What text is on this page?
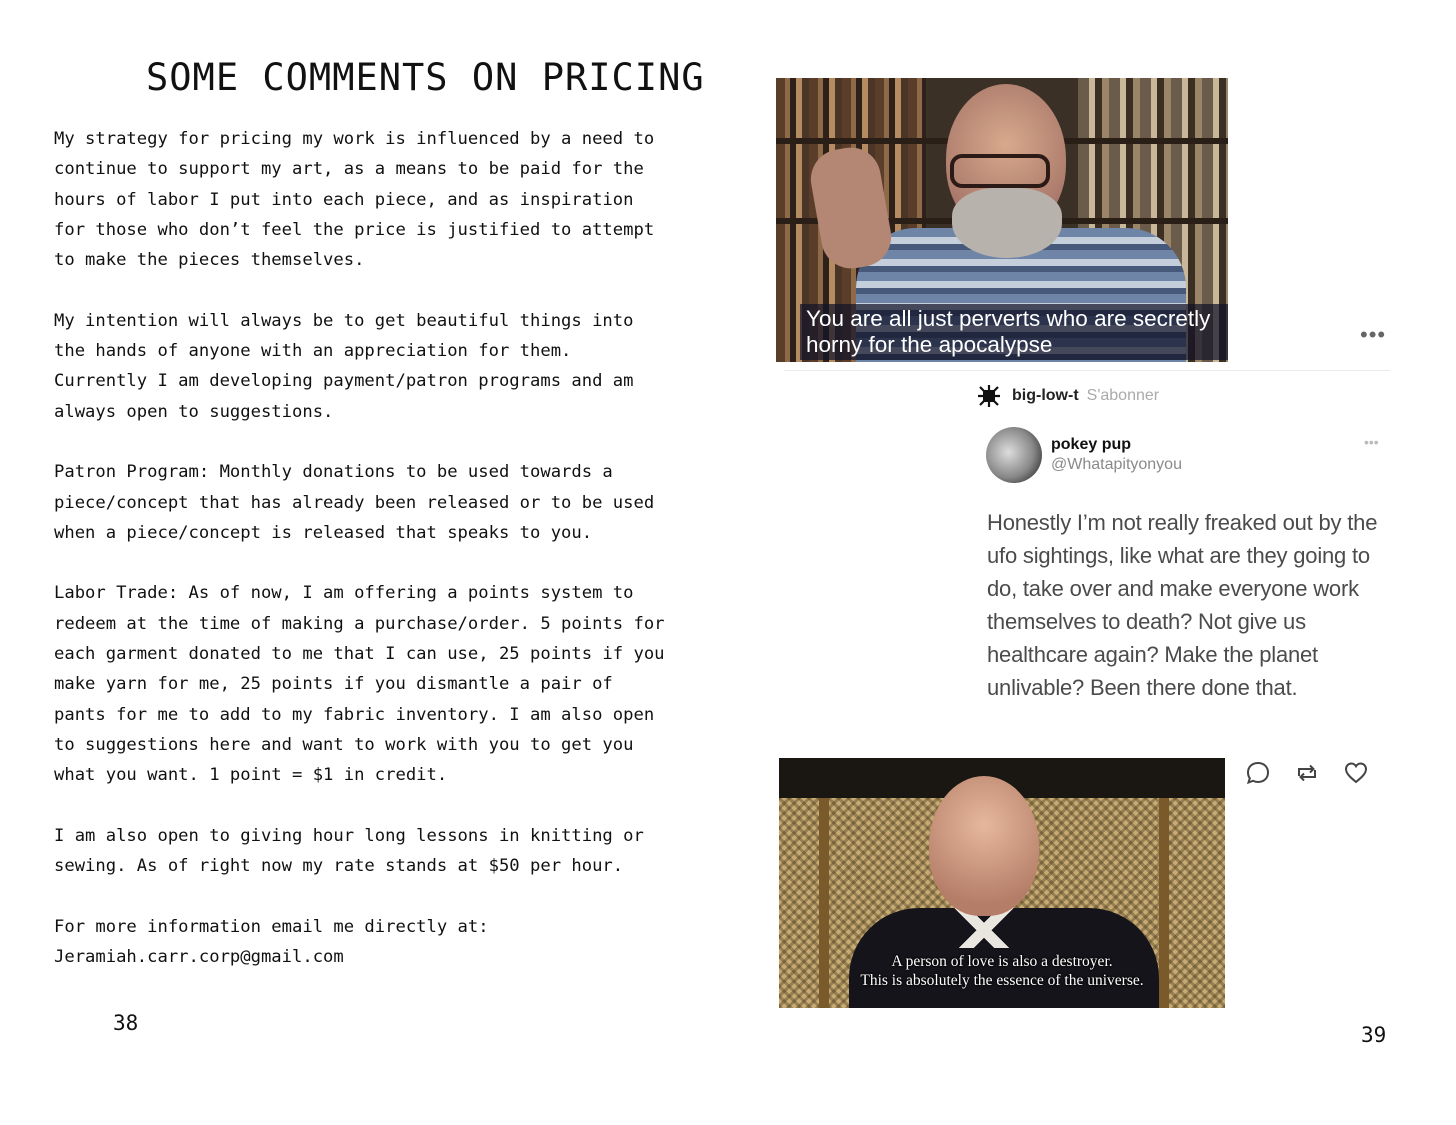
SOME COMMENTS ON PRICING

My strategy for pricing my work is influenced by a need to
continue to support my art, as a means to be paid for the
hours of labor I put into each piece, and as inspiration
for those who don’t feel the price is justified to attempt
to make the pieces themselves.

My intention will always be to get beautiful things into
the hands of anyone with an appreciation for them.
Currently I am developing payment/patron programs and am
always open to suggestions.

Patron Program: Monthly donations to be used towards a
piece/concept that has already been released or to be used
when a piece/concept is released that speaks to you.

Labor Trade: As of now, I am offering a points system to
redeem at the time of making a purchase/order. 5 points for
each garment donated to me that I can use, 25 points if you
make yarn for me, 25 points if you dismantle a pair of
pants for me to add to my fabric inventory. I am also open
to suggestions here and want to work with you to get you
what you want. 1 point = $1 in credit.

I am also open to giving hour long lessons in knitting or
sewing. As of right now my rate stands at $50 per hour.

For more information email me directly at:
Jeramiah.carr.corp@gmail.com

38
You are all just perverts who are secretly
horny for the apocalypse	•••
big-low-t S'abonner
pokey pup
@Whatapityonyou
•••
Honestly I’m not really freaked out by the ufo sightings, like what are they going to do, take over and make everyone work themselves to death? Not give us healthcare again? Make the planet unlivable? Been there done that.
A person of love is also a destroyer.
This is absolutely the essence of the universe.
39
